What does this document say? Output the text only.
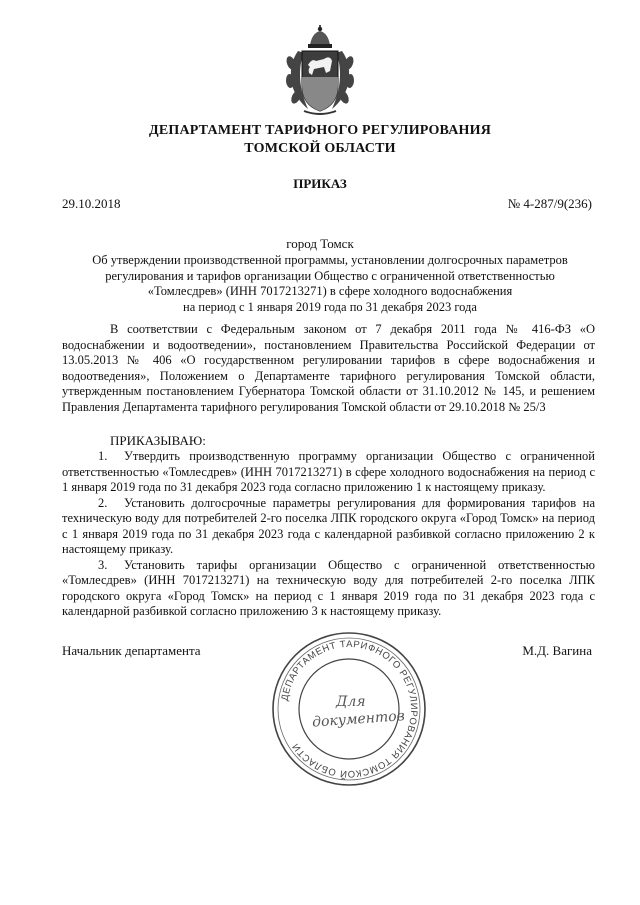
ДЕПАРТАМЕНТ ТАРИФНОГО РЕГУЛИРОВАНИЯ
ТОМСКОЙ ОБЛАСТИ
ПРИКАЗ
29.10.2018	№ 4-287/9(236)
город Томск
Об утверждении производственной программы, установлении долгосрочных параметров
регулирования и тарифов организации Общество с ограниченной ответственностью
«Томлесдрев» (ИНН 7017213271) в сфере холодного водоснабжения
на период с 1 января 2019 года по 31 декабря 2023 года

В соответствии с Федеральным законом от 7 декабря 2011 года № 416-ФЗ «О водоснабжении и водоотведении», постановлением Правительства Российской Федерации от 13.05.2013 № 406 «О государственном регулировании тарифов в сфере водоснабжения и водоотведения», Положением о Департаменте тарифного регулирования Томской области, утвержденным постановлением Губернатора Томской области от 31.10.2012 № 145, и решением Правления Департамента тарифного регулирования Томской области от 29.10.2018 № 25/3

ПРИКАЗЫВАЮ:
1. Утвердить производственную программу организации Общество с ограниченной ответственностью «Томлесдрев» (ИНН 7017213271) в сфере холодного водоснабжения на период с 1 января 2019 года по 31 декабря 2023 года согласно приложению 1 к настоящему приказу.
2. Установить долгосрочные параметры регулирования для формирования тарифов на техническую воду для потребителей 2-го поселка ЛПК городского округа «Город Томск» на период с 1 января 2019 года по 31 декабря 2023 года с календарной разбивкой согласно приложению 2 к настоящему приказу.
3. Установить тарифы организации Общество с ограниченной ответственностью «Томлесдрев» (ИНН 7017213271) на техническую воду для потребителей 2-го поселка ЛПК городского округа «Город Томск» на период с 1 января 2019 года по 31 декабря 2023 года с календарной разбивкой согласно приложению 3 к настоящему приказу.
Начальник департамента	М.Д. Вагина
ДЕПАРТАМЕНТ ТАРИФНОГО РЕГУЛИРОВАНИЯ ТОМСКОЙ ОБЛАСТИ
Для
документов
